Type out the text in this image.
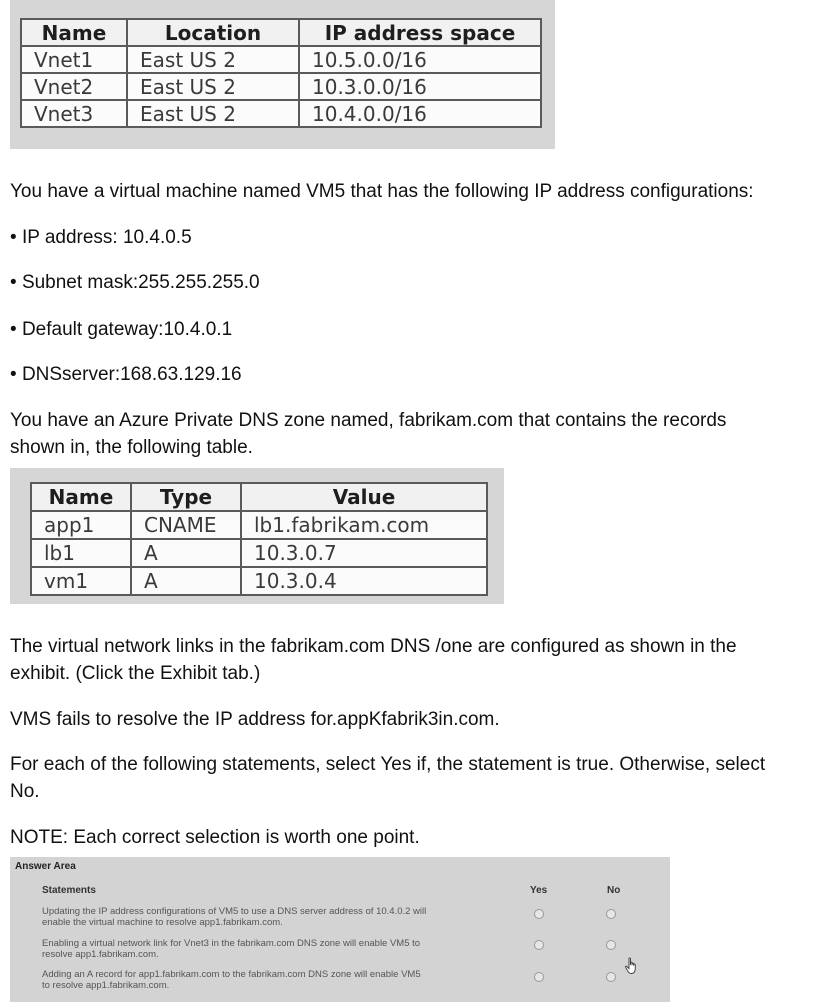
Name	Location	IP address space
Vnet1	East US 2	10.5.0.0/16
Vnet2	East US 2	10.3.0.0/16
Vnet3	East US 2	10.4.0.0/16
You have a virtual machine named VM5 that has the following IP address configurations:
• IP address: 10.4.0.5
• Subnet mask:255.255.255.0
• Default gateway:10.4.0.1
• DNSserver:168.63.129.16
You have an Azure Private DNS zone named, fabrikam.com that contains the records
shown in, the following table.
Name	Type	Value
app1	CNAME	lb1.fabrikam.com
lb1	A	10.3.0.7
vm1	A	10.3.0.4
The virtual network links in the fabrikam.com DNS /one are configured as shown in the
exhibit. (Click the Exhibit tab.)
VMS fails to resolve the IP address for.appKfabrik3in.com.
For each of the following statements, select Yes if, the statement is true. Otherwise, select
No.
NOTE: Each correct selection is worth one point.
Answer Area
Statements	Yes	No
Updating the IP address configurations of VM5 to use a DNS server address of 10.4.0.2 will
enable the virtual machine to resolve app1.fabrikam.com.
Enabling a virtual network link for Vnet3 in the fabrikam.com DNS zone will enable VM5 to
resolve app1.fabrikam.com.
Adding an A record for app1.fabrikam.com to the fabrikam.com DNS zone will enable VM5
to resolve app1.fabrikam.com.
